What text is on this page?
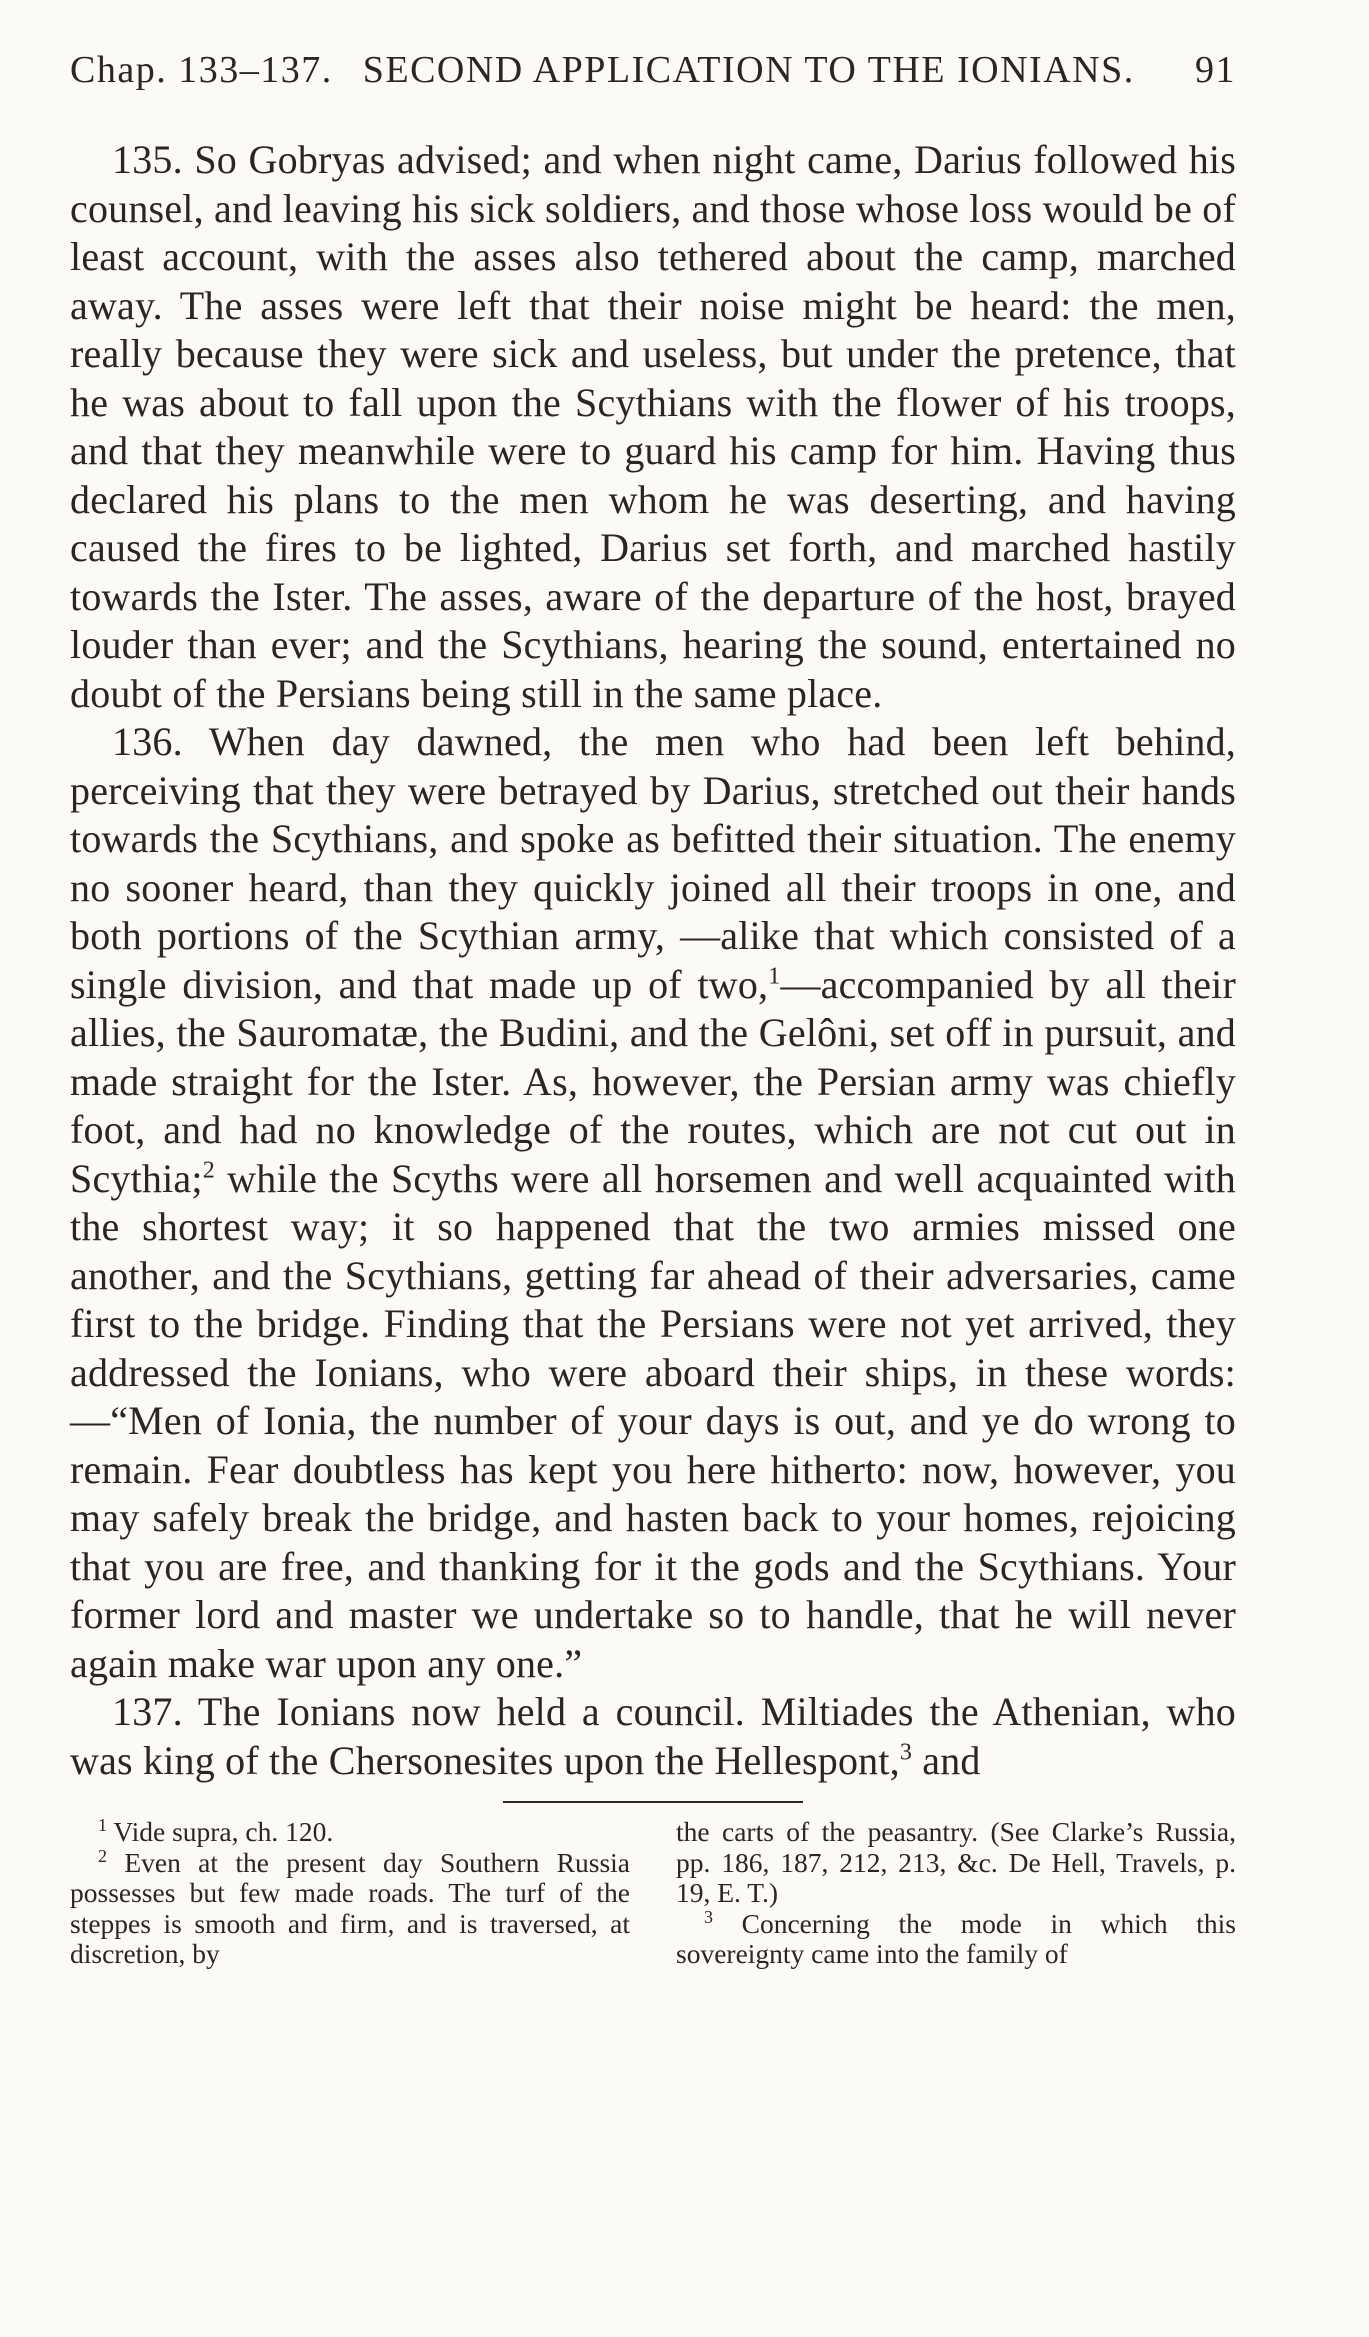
Chap. 133–137. SECOND APPLICATION TO THE IONIANS.	91

135. So Gobryas advised; and when night came, Darius followed his counsel, and leaving his sick soldiers, and those whose loss would be of least account, with the asses also tethered about the camp, marched away. The asses were left that their noise might be heard: the men, really because they were sick and useless, but under the pretence, that he was about to fall upon the Scythians with the flower of his troops, and that they meanwhile were to guard his camp for him. Having thus declared his plans to the men whom he was deserting, and having caused the fires to be lighted, Darius set forth, and marched hastily towards the Ister. The asses, aware of the departure of the host, brayed louder than ever; and the Scythians, hearing the sound, entertained no doubt of the Persians being still in the same place.

136. When day dawned, the men who had been left behind, perceiving that they were betrayed by Darius, stretched out their hands towards the Scythians, and spoke as befitted their situation. The enemy no sooner heard, than they quickly joined all their troops in one, and both portions of the Scythian army, —alike that which consisted of a single division, and that made up of two,$^1$—accompanied by all their allies, the Sauromatæ, the Budini, and the Gelôni, set off in pursuit, and made straight for the Ister. As, however, the Persian army was chiefly foot, and had no knowledge of the routes, which are not cut out in Scythia;$^2$ while the Scyths were all horsemen and well acquainted with the shortest way; it so happened that the two armies missed one another, and the Scythians, getting far ahead of their adversaries, came first to the bridge. Finding that the Persians were not yet arrived, they addressed the Ionians, who were aboard their ships, in these words:—“Men of Ionia, the number of your days is out, and ye do wrong to remain. Fear doubtless has kept you here hitherto: now, however, you may safely break the bridge, and hasten back to your homes, rejoicing that you are free, and thanking for it the gods and the Scythians. Your former lord and master we undertake so to handle, that he will never again make war upon any one.”

137. The Ionians now held a council. Miltiades the Athenian, who was king of the Chersonesites upon the Hellespont,$^3$ and

$^1$ Vide supra, ch. 120.

$^2$ Even at the present day Southern Russia possesses but few made roads. The turf of the steppes is smooth and firm, and is traversed, at discretion, by

the carts of the peasantry. (See Clarke’s Russia, pp. 186, 187, 212, 213, &c. De Hell, Travels, p. 19, E. T.)

$^3$ Concerning the mode in which this sovereignty came into the family of
